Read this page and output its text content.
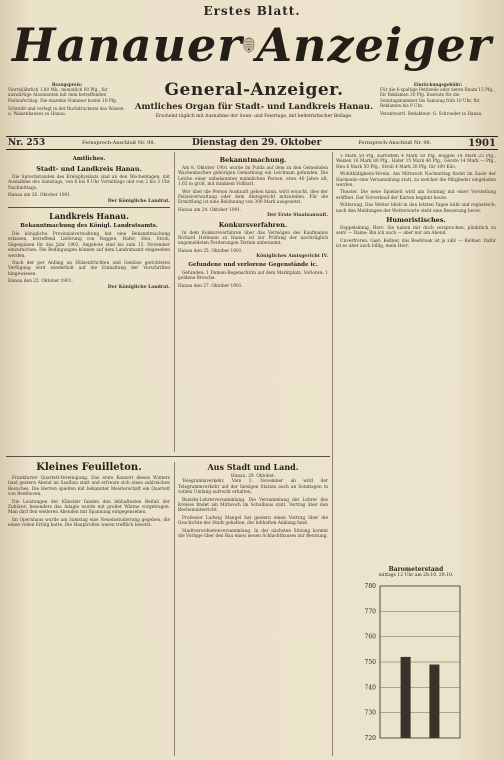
Erstes Blatt.
Hanauer Anzeiger
Bezugspreis:
Vierteljährlich 1,80 Mk., monatlich 60 Pfg., für auswärtige Abonnenten mit dem betreffenden Postaufschlag. Die einzelne Nummer kostet 10 Pfg.
Schreibt und verlegt in der Buchdruckerei des Waisen- u. Waisenhauses zu Hanau.
General-Anzeiger.
Amtliches Organ für Stadt- und Landkreis Hanau.
Erscheint täglich mit Ausnahme der Sonn- und Feiertage, mit belletristischer Beilage.
Einrückungsgebühr:
Für die 6-spaltige Petitzeile oder deren Raum 15 Pfg., für Reklamen 30 Pfg. Inserate für die Sonntagsnummer bis Samstag früh 10 Uhr, für Reklamen bis 9 Uhr.
Verantwortl. Redakteur: G. Schroeder in Hanau.
Nr. 253	Fernsprech-Anschluß Nr. 98.	Dienstag den 29. Oktober	Fernsprech-Anschluß Nr. 98.	1901
Amtliches.
Stadt- und Landkreis Hanau.

Die Sprechstunden des Kreisphysikats sind an den Wochentagen, mit Ausnahme des Samstags, von 8 bis 9 Uhr Vormittags und von 2 bis 3 Uhr Nachmittags.

Hanau am 26. Oktober 1901.
Der Königliche Landrat.
Landkreis Hanau.
Bekanntmachung des Königl. Landratsamts.

Die königliche Provinzialverwaltung hat eine Bekanntmachung erlassen, betreffend Lieferung von Roggen, Hafer, Heu, Stroh, Sägespänen für das Jahr 1902. Angebote sind bis zum 15. November einzureichen. Die Bedingungen können auf dem Landratsamt eingesehen werden.

Nach der per Anfang an Hülsenfrüchten und Gemüse gerichteten Verfügung wird wiederholt auf die Einhaltung der Vorschriften hingewiesen.

Hanau den 22. Oktober 1901.
Der Königliche Landrat.
Bekanntmachung.

Am 8. Oktober 1901 wurde im Fulda auf dem zu den Gemeinden Wachenbuchen gehörigen Gemarkung ein Leichnam gefunden. Die Leiche einer unbekannten männlichen Person, etwa 40 Jahre alt, 1,65 m groß, mit dunklem Vollbart.

Wer über die Person Auskunft geben kann, wird ersucht, dies der Polizeiverwaltung oder dem Amtsgericht mitzuteilen. Für die Ermittlung ist eine Belohnung von 300 Mark ausgesetzt.

Hanau am 24. Oktober 1901.
Der Erste Staatsanwalt.
Konkursverfahren.

In dem Konkursverfahren über das Vermögen des Kaufmanns Richard Hofmann zu Hanau ist zur Prüfung der nachträglich angemeldeten Forderungen Termin anberaumt.

Hanau den 25. Oktober 1901.
Königliches Amtsgericht IV.
Gefundene und verlorene Gegenstände ic.

Gefunden: 1 Damen-Regenschirm auf dem Marktplatz. Verloren: 1 goldene Brosche.

Hanau den 27. Oktober 1901.

5 Mark 50 Pfg. Kartoffeln 4 Mark 50 Pfg. Roggen 14 Mark 25 Pfg., Weizen 16 Mark 80 Pfg., Hafer 15 Mark 40 Pfg., Gerste 14 Mark — Pfg., Heu 6 Mark 50 Pfg., Stroh 4 Mark 20 Pfg. für 100 Kilo.

Wohlthätigkeits-Verein. Am Mittwoch Nachmittag findet im Saale der Harmonie eine Versammlung statt, zu welcher die Mitglieder eingeladen werden.

Theater. Die neue Spielzeit wird am Sonntag mit einer Vorstellung eröffnet. Der Vorverkauf der Karten beginnt heute.

Witterung. Das Wetter blieb in den letzten Tagen kühl und regnerisch; nach den Meldungen der Wetterwarte steht eine Besserung bevor.

Humoristisches.

Doppelsinnig. Herr: Sie haben mir doch versprochen, pünktlich zu sein! — Dame: Bin ich auch — aber nur am Abend.

Unverfroren. Gast: Kellner, das Beefsteak ist ja zäh! — Kellner: Dafür ist es aber auch billig, mein Herr.

Kleines Feuilleton.

Frankfurter Quartett-Vereinigung. Das erste Konzert dieses Winters fand gestern Abend im Saalbau statt und erfreute sich eines zahlreichen Besuches. Die Herren spielten mit bekannter Meisterschaft ein Quartett von Beethoven.

Die Leistungen der Künstler fanden den lebhaftesten Beifall der Zuhörer; besonders das Adagio wurde mit großer Wärme vorgetragen. Man darf den weiteren Abenden mit Spannung entgegensehen.

Im Opernhaus wurde am Samstag eine Neueinstudierung gegeben, die einen vollen Erfolg hatte. Die Hauptrollen waren trefflich besetzt.

Aus Stadt und Land.
Hanau, 29. Oktober.

Telegrammverkehr. Vom 1. November ab wird der Telegrammverkehr auf der hiesigen Station auch an Sonntagen in vollem Umfang aufrecht erhalten.

Bezirks-Lehrerversammlung. Die Versammlung der Lehrer des Kreises findet am Mittwoch im Schulhaus statt. Vortrag über den Rechenunterricht.

Professor Ludwig Mangel hat gestern einen Vortrag über die Geschichte der Stadt gehalten, der lebhaften Anklang fand.

Stadtverordnetenversammlung. In der nächsten Sitzung kommt die Vorlage über den Bau eines neuen Schlachthauses zur Beratung.

Barometerstand
mittags 12 Uhr am 28.10. 29.10.
780
770
760
750
740
730
720
